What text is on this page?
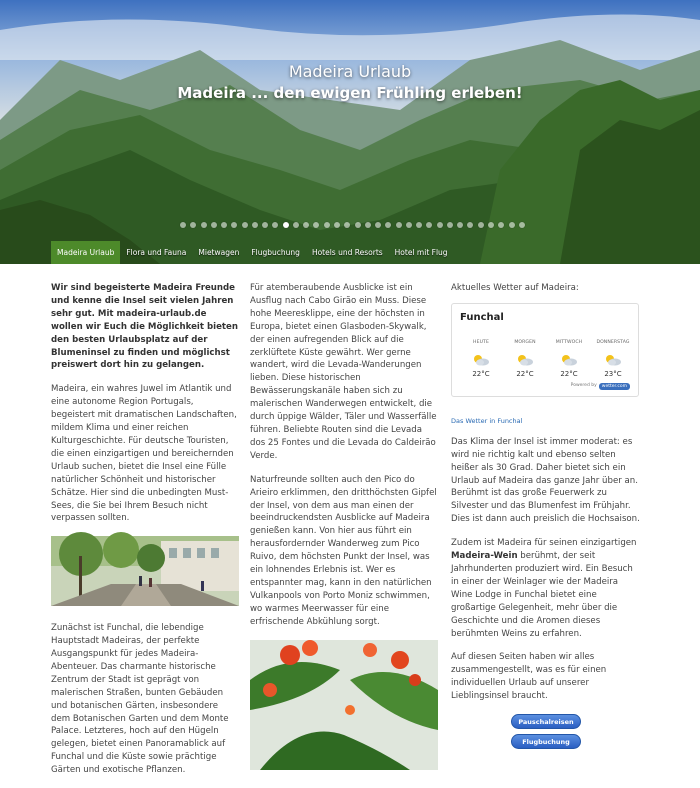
Madeira Urlaub
Madeira ... den ewigen Frühling erleben!
Madeira Urlaub	Flora und Fauna	Mietwagen	Flugbuchung	Hotels und Resorts	Hotel mit Flug

Wir sind begeisterte Madeira Freunde und kenne die Insel seit vielen Jahren sehr gut. Mit madeira-urlaub.de wollen wir Euch die Möglichkeit bieten den besten Urlaubsplatz auf der Blumeninsel zu finden und möglichst preiswert dort hin zu gelangen.

Madeira, ein wahres Juwel im Atlantik und eine autonome Region Portugals, begeistert mit dramatischen Landschaften, mildem Klima und einer reichen Kulturgeschichte. Für deutsche Touristen, die einen einzigartigen und bereichernden Urlaub suchen, bietet die Insel eine Fülle natürlicher Schönheit und historischer Schätze. Hier sind die unbedingten Must-Sees, die Sie bei Ihrem Besuch nicht verpassen sollten.

Zunächst ist Funchal, die lebendige Hauptstadt Madeiras, der perfekte Ausgangspunkt für jedes Madeira-Abenteuer. Das charmante historische Zentrum der Stadt ist geprägt von malerischen Straßen, bunten Gebäuden und botanischen Gärten, insbesondere dem Botanischen Garten und dem Monte Palace. Letzteres, hoch auf den Hügeln gelegen, bietet einen Panoramablick auf Funchal und die Küste sowie prächtige Gärten und exotische Pflanzen.

Für atemberaubende Ausblicke ist ein Ausflug nach Cabo Girão ein Muss. Diese hohe Meeresklippe, eine der höchsten in Europa, bietet einen Glasboden-Skywalk, der einen aufregenden Blick auf die zerklüftete Küste gewährt. Wer gerne wandert, wird die Levada-Wanderungen lieben. Diese historischen Bewässerungskanäle haben sich zu malerischen Wanderwegen entwickelt, die durch üppige Wälder, Täler und Wasserfälle führen. Beliebte Routen sind die Levada dos 25 Fontes und die Levada do Caldeirão Verde.

Naturfreunde sollten auch den Pico do Arieiro erklimmen, den dritthöchsten Gipfel der Insel, von dem aus man einen der beeindruckendsten Ausblicke auf Madeira genießen kann. Von hier aus führt ein herausfordernder Wanderweg zum Pico Ruivo, dem höchsten Punkt der Insel, was ein lohnendes Erlebnis ist. Wer es entspannter mag, kann in den natürlichen Vulkanpools von Porto Moniz schwimmen, wo warmes Meerwasser für eine erfrischende Abkühlung sorgt.

Aktuelles Wetter auf Madeira:
Funchal
HEUTE
22°C
MORGEN
22°C
MITTWOCH
22°C
DONNERSTAG
23°C
Powered by	wetter.com
Das Wetter in Funchal

Das Klima der Insel ist immer moderat: es wird nie richtig kalt und ebenso selten heißer als 30 Grad. Daher bietet sich ein Urlaub auf Madeira das ganze Jahr über an. Berühmt ist das große Feuerwerk zu Silvester und das Blumenfest im Frühjahr. Dies ist dann auch preislich die Hochsaison.

Zudem ist Madeira für seinen einzigartigen Madeira-Wein berühmt, der seit Jahrhunderten produziert wird. Ein Besuch in einer der Weinlager wie der Madeira Wine Lodge in Funchal bietet eine großartige Gelegenheit, mehr über die Geschichte und die Aromen dieses berühmten Weins zu erfahren.

Auf diesen Seiten haben wir alles zusammengestellt, was es für einen individuellen Urlaub auf unserer Lieblingsinsel braucht.

Pauschalreisen
Flugbuchung
